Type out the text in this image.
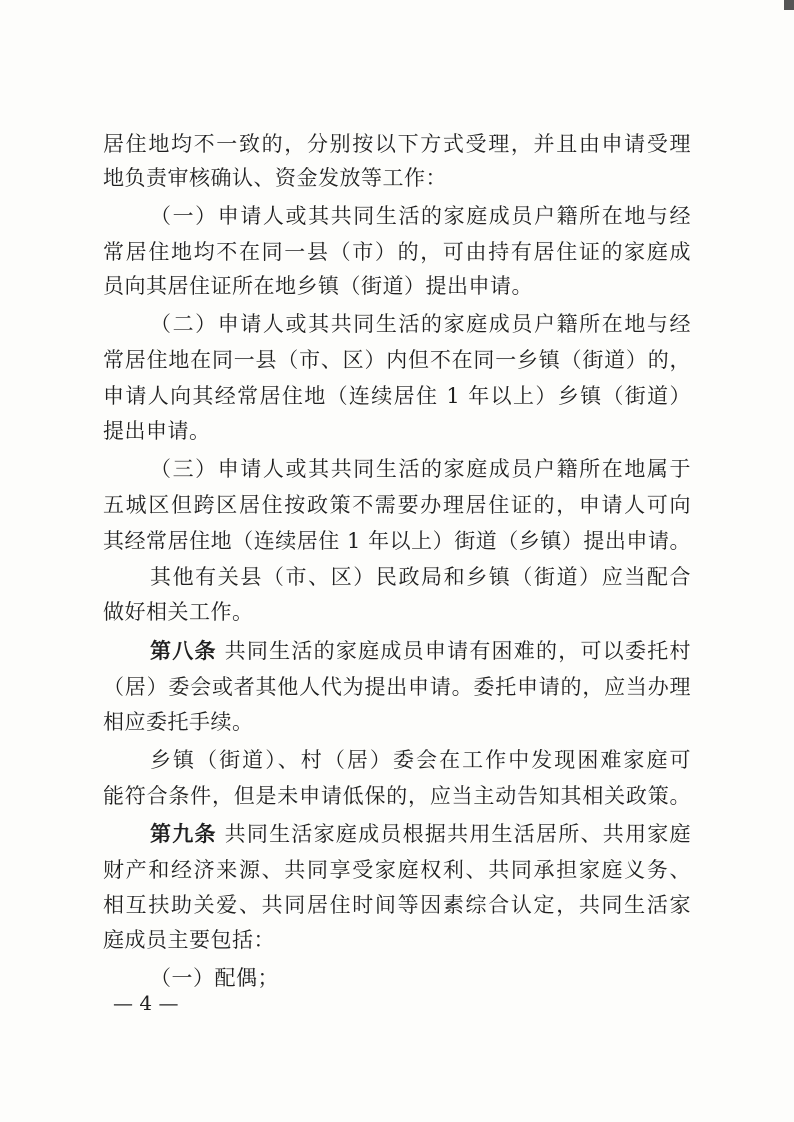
居住地均不一致的，分别按以下方式受理，并且由申请受理
地负责审核确认、资金发放等工作：
（一）申请人或其共同生活的家庭成员户籍所在地与经
常居住地均不在同一县（市）的，可由持有居住证的家庭成
员向其居住证所在地乡镇（街道）提出申请。
（二）申请人或其共同生活的家庭成员户籍所在地与经
常居住地在同一县（市、区）内但不在同一乡镇（街道）的，
申请人向其经常居住地（连续居住 1 年以上）乡镇（街道）
提出申请。
（三）申请人或其共同生活的家庭成员户籍所在地属于
五城区但跨区居住按政策不需要办理居住证的，申请人可向
其经常居住地（连续居住 1 年以上）街道（乡镇）提出申请。
其他有关县（市、区）民政局和乡镇（街道）应当配合
做好相关工作。
第八条 共同生活的家庭成员申请有困难的，可以委托村
（居）委会或者其他人代为提出申请。委托申请的，应当办理
相应委托手续。
乡镇（街道）、村（居）委会在工作中发现困难家庭可
能符合条件，但是未申请低保的，应当主动告知其相关政策。
第九条 共同生活家庭成员根据共用生活居所、共用家庭
财产和经济来源、共同享受家庭权利、共同承担家庭义务、
相互扶助关爱、共同居住时间等因素综合认定，共同生活家
庭成员主要包括：
（一）配偶；
— 4 —
